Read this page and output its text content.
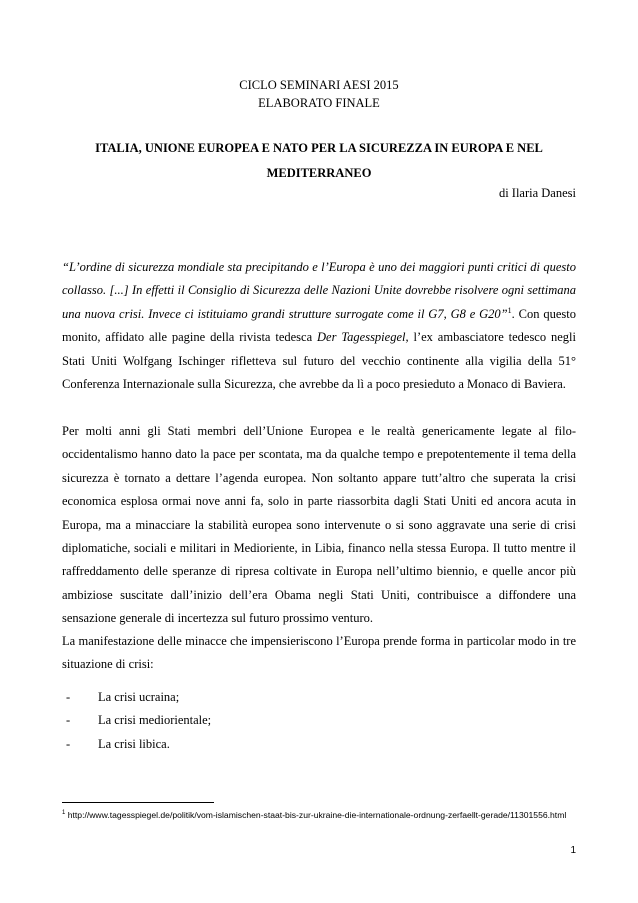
CICLO SEMINARI AESI 2015
ELABORATO FINALE
ITALIA, UNIONE EUROPEA E NATO PER LA SICUREZZA IN EUROPA E NEL MEDITERRANEO
di Ilaria Danesi
“L’ordine di sicurezza mondiale sta precipitando e l’Europa è uno dei maggiori punti critici di questo collasso. [...] In effetti il Consiglio di Sicurezza delle Nazioni Unite dovrebbe risolvere ogni settimana una nuova crisi. Invece ci istituiamo grandi strutture surrogate come il G7, G8 e G20”$^1$. Con questo monito, affidato alle pagine della rivista tedesca Der Tagesspiegel, l’ex ambasciatore tedesco negli Stati Uniti Wolfgang Ischinger rifletteva sul futuro del vecchio continente alla vigilia della 51° Conferenza Internazionale sulla Sicurezza, che avrebbe da lì a poco presieduto a Monaco di Baviera.
Per molti anni gli Stati membri dell’Unione Europea e le realtà genericamente legate al filo-occidentalismo hanno dato la pace per scontata, ma da qualche tempo e prepotentemente il tema della sicurezza è tornato a dettare l’agenda europea. Non soltanto appare tutt’altro che superata la crisi economica esplosa ormai nove anni fa, solo in parte riassorbita dagli Stati Uniti ed ancora acuta in Europa, ma a minacciare la stabilità europea sono intervenute o si sono aggravate una serie di crisi diplomatiche, sociali e militari in Medioriente, in Libia, financo nella stessa Europa. Il tutto mentre il raffreddamento delle speranze di ripresa coltivate in Europa nell’ultimo biennio, e quelle ancor più ambiziose suscitate dall’inizio dell’era Obama negli Stati Uniti, contribuisce a diffondere una sensazione generale di incertezza sul futuro prossimo venturo.
La manifestazione delle minacce che impensieriscono l’Europa prende forma in particolar modo in tre situazione di crisi:
-	La crisi ucraina;
-	La crisi mediorientale;
-	La crisi libica.
$^1$ http://www.tagesspiegel.de/politik/vom-islamischen-staat-bis-zur-ukraine-die-internationale-ordnung-zerfaellt-gerade/11301556.html
1
